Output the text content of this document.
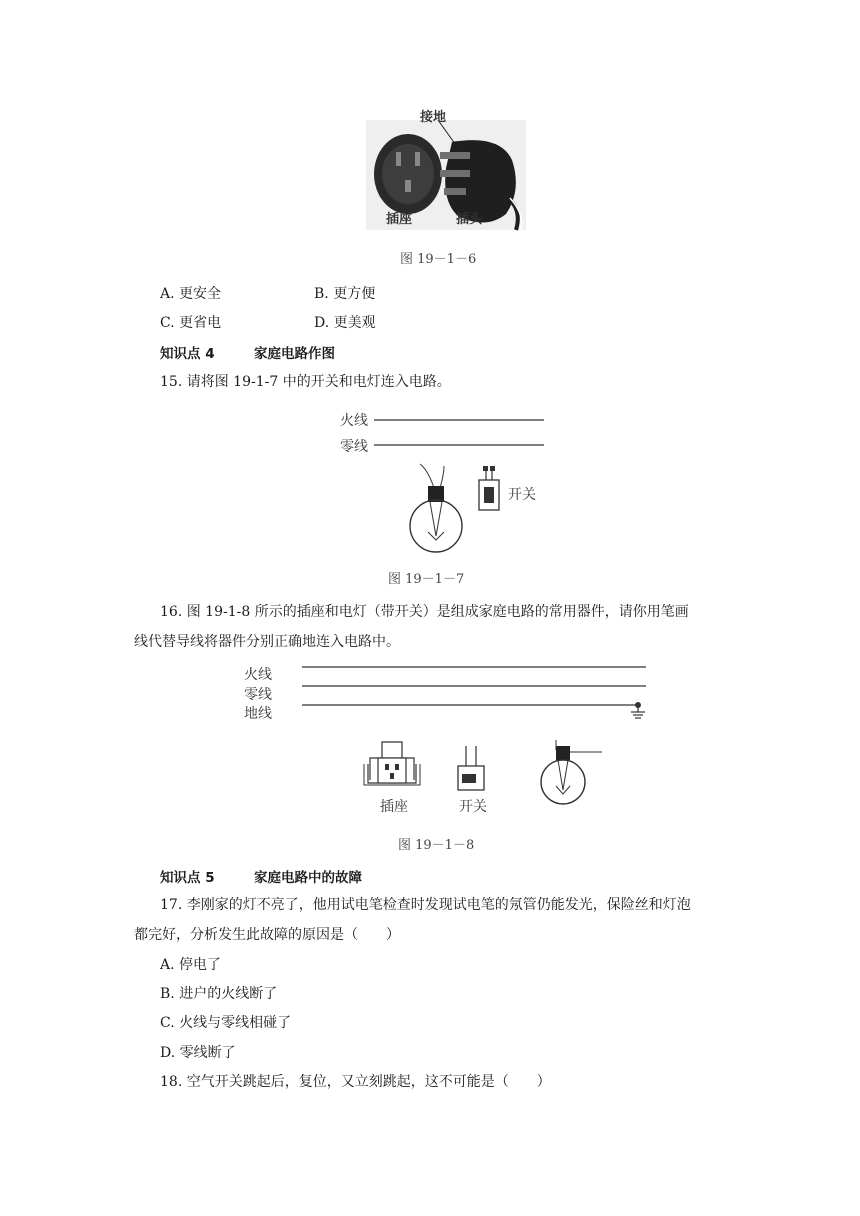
接地
插座	插头
图 19－1－6
A. 更安全	B. 更方便
C. 更省电	D. 更美观
知识点 4	家庭电路作图
15. 请将图 19-1-7 中的开关和电灯连入电路。
火线
零线
开关
图 19－1－7
16. 图 19-1-8 所示的插座和电灯（带开关）是组成家庭电路的常用器件，请你用笔画
线代替导线将器件分别正确地连入电路中。
火线
零线
地线
插座	开关
图 19－1－8
知识点 5	家庭电路中的故障
17. 李刚家的灯不亮了，他用试电笔检查时发现试电笔的氖管仍能发光，保险丝和灯泡
都完好，分析发生此故障的原因是（　　）
A. 停电了
B. 进户的火线断了
C. 火线与零线相碰了
D. 零线断了
18. 空气开关跳起后，复位，又立刻跳起，这不可能是（　　）
